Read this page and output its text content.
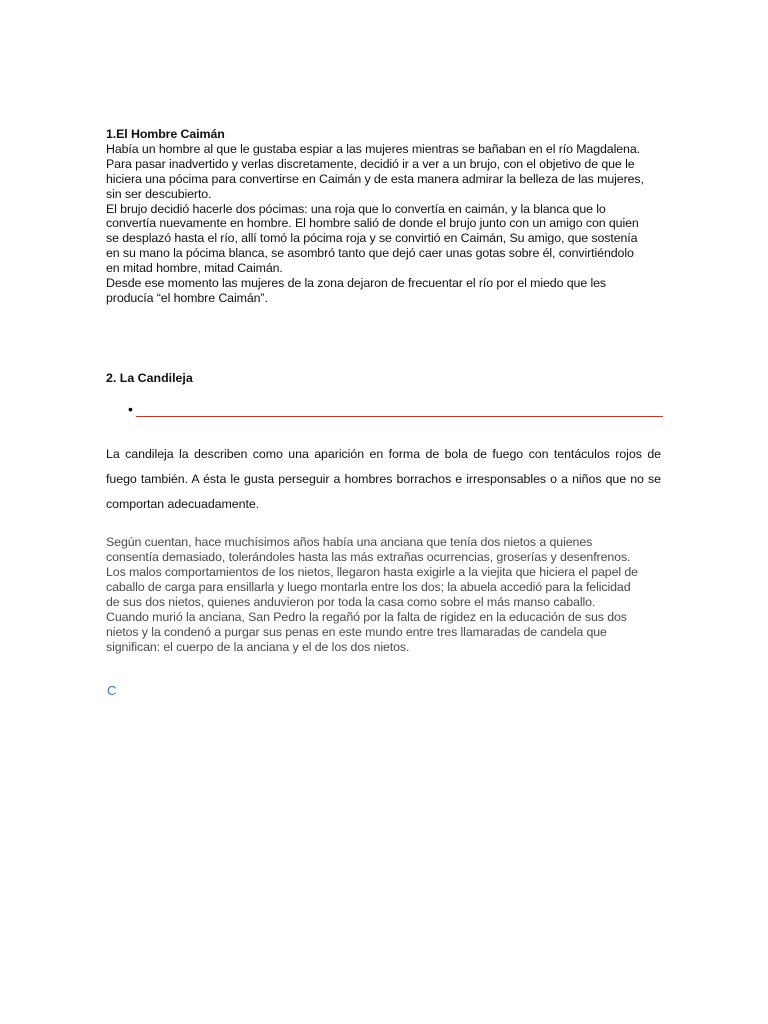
1.El Hombre Caimán

Había un hombre al que le gustaba espiar a las mujeres mientras se bañaban en el río Magdalena.

Para pasar inadvertido y verlas discretamente, decidió ir a ver a un brujo, con el objetivo de que le

hiciera una pócima para convertirse en Caimán y de esta manera admirar la belleza de las mujeres,

sin ser descubierto.

El brujo decidió hacerle dos pócimas: una roja que lo convertía en caimán, y la blanca que lo

convertía nuevamente en hombre. El hombre salió de donde el brujo junto con un amigo con quien

se desplazó hasta el río, allí tomó la pócima roja y se convirtió en Caimán, Su amigo, que sostenía

en su mano la pócima blanca, se asombró tanto que dejó caer unas gotas sobre él, convirtiéndolo

en mitad hombre, mitad Caimán.

Desde ese momento las mujeres de la zona dejaron de frecuentar el río por el miedo que les

producía “el hombre Caimán”.

2. La Candileja
•
La candileja la describen como una aparición en forma de bola de fuego con tentáculos rojos de fuego también. A ésta le gusta perseguir a hombres borrachos e irresponsables o a niños que no se comportan adecuadamente.

Según cuentan, hace muchísimos años había una anciana que tenía dos nietos a quienes

consentía demasiado, tolerándoles hasta las más extrañas ocurrencias, groserías y desenfrenos.

Los malos comportamientos de los nietos, llegaron hasta exigirle a la viejita que hiciera el papel de

caballo de carga para ensillarla y luego montarla entre los dos; la abuela accedió para la felicidad

de sus dos nietos, quienes anduvieron por toda la casa como sobre el más manso caballo.

Cuando murió la anciana, San Pedro la regañó por la falta de rigidez en la educación de sus dos

nietos y la condenó a purgar sus penas en este mundo entre tres llamaradas de candela que

significan: el cuerpo de la anciana y el de los dos nietos.

C
